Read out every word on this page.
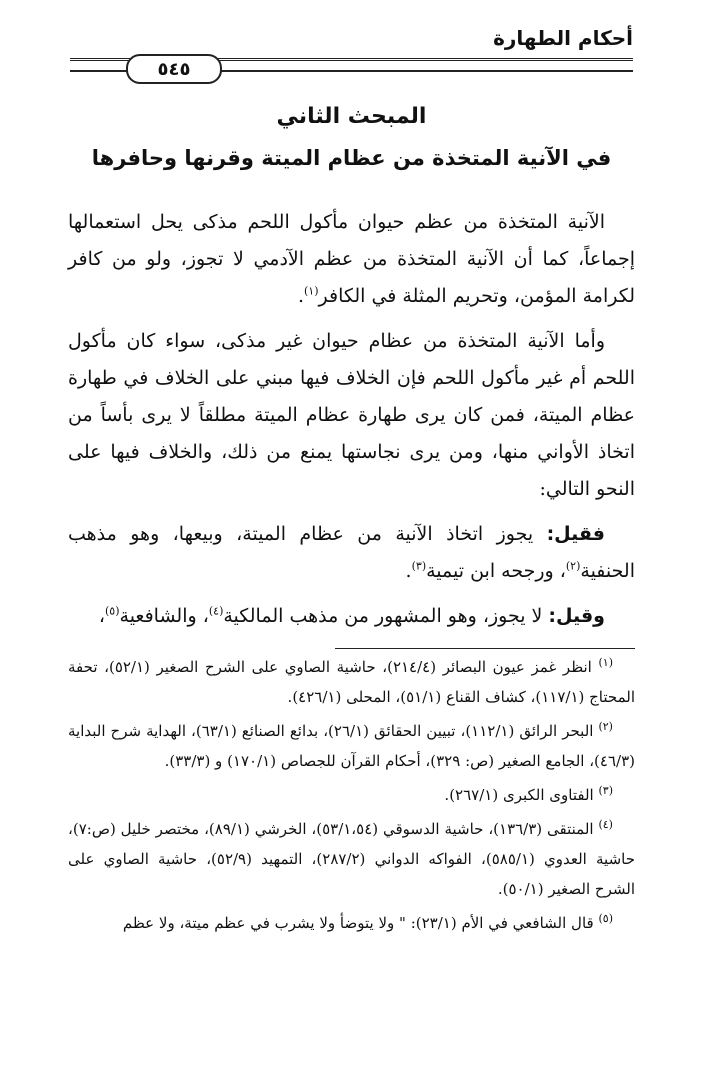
أحكام الطهارة
٥٤٥
المبحث الثاني
في الآنية المتخذة من عظام الميتة وقرنها وحافرها

الآنية المتخذة من عظم حيوان مأكول اللحم مذكى يحل استعمالها إجماعاً، كما أن الآنية المتخذة من عظم الآدمي لا تجوز، ولو من كافر لكرامة المؤمن، وتحريم المثلة في الكافر$^{(١)}$.

وأما الآنية المتخذة من عظام حيوان غير مذكى، سواء كان مأكول اللحم أم غير مأكول اللحم فإن الخلاف فيها مبني على الخلاف في طهارة عظام الميتة، فمن كان يرى طهارة عظام الميتة مطلقاً لا يرى بأساً من اتخاذ الأواني منها، ومن يرى نجاستها يمنع من ذلك، والخلاف فيها على النحو التالي:

فقيل: يجوز اتخاذ الآنية من عظام الميتة، وبيعها، وهو مذهب الحنفية$^{(٢)}$، ورجحه ابن تيمية$^{(٣)}$.

وقيل: لا يجوز، وهو المشهور من مذهب المالكية$^{(٤)}$، والشافعية$^{(٥)}$،

$^{(١)}$ انظر غمز عيون البصائر (٢١٤/٤)، حاشية الصاوي على الشرح الصغير (٥٢/١)، تحفة المحتاج (١١٧/١)، كشاف القناع (٥١/١)، المحلى (٤٢٦/١).

$^{(٢)}$ البحر الرائق (١١٢/١)، تبيين الحقائق (٢٦/١)، بدائع الصنائع (٦٣/١)، الهداية شرح البداية (٤٦/٣)، الجامع الصغير (ص: ٣٢٩)، أحكام القرآن للجصاص (١٧٠/١) و (٣٣/٣).

$^{(٣)}$ الفتاوى الكبرى (٢٦٧/١).

$^{(٤)}$ المنتقى (١٣٦/٣)، حاشية الدسوقي (٥٣/١،٥٤)، الخرشي (٨٩/١)، مختصر خليل (ص:٧)، حاشية العدوي (٥٨٥/١)، الفواكه الدواني (٢٨٧/٢)، التمهيد (٥٢/٩)، حاشية الصاوي على الشرح الصغير (٥٠/١).

$^{(٥)}$ قال الشافعي في الأم (٢٣/١): " ولا يتوضأ ولا يشرب في عظم ميتة، ولا عظم
